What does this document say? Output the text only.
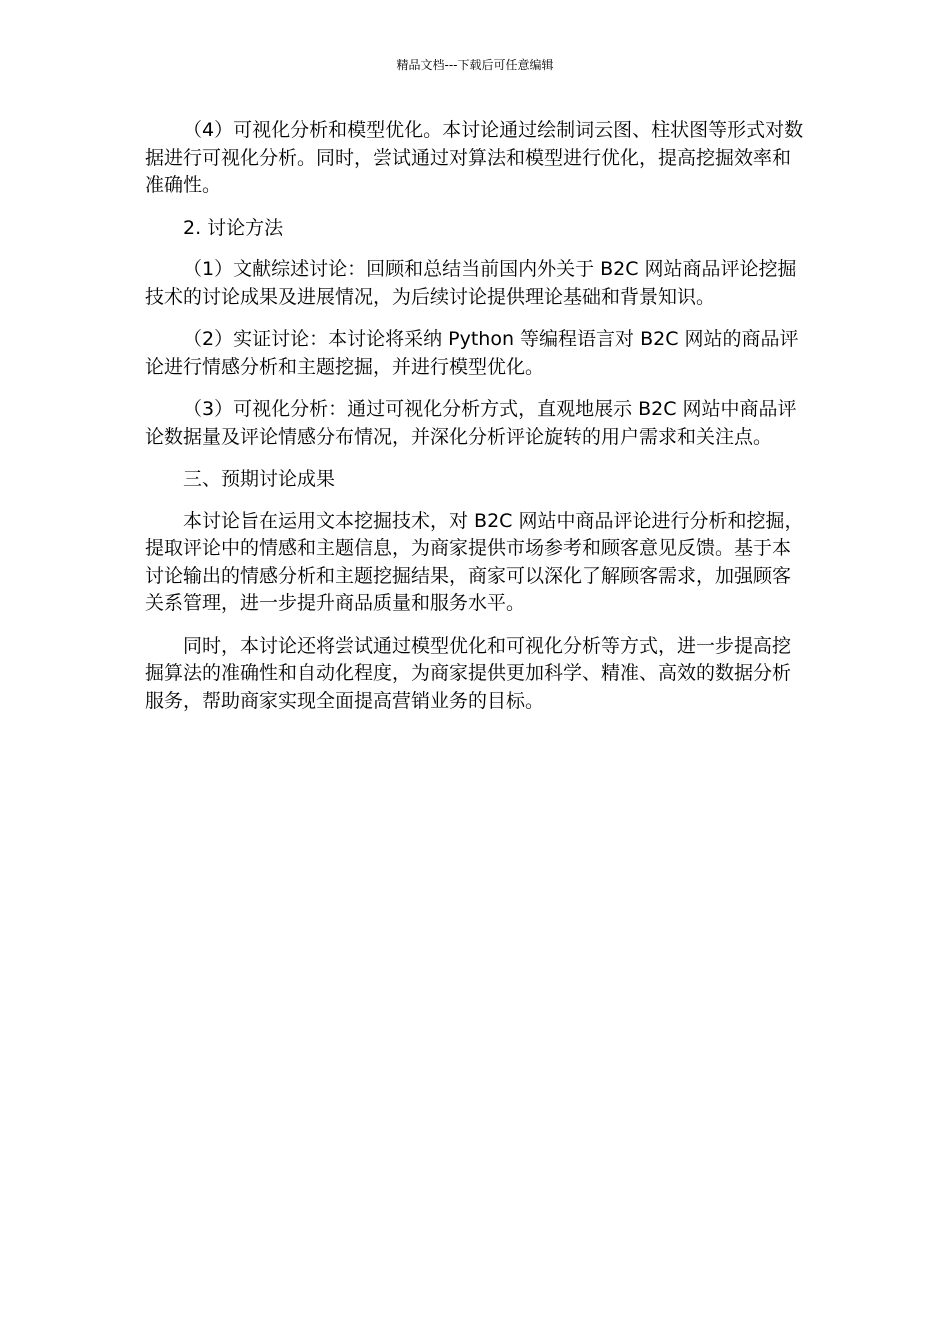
精品文档---下载后可任意编辑

（4）可视化分析和模型优化。本讨论通过绘制词云图、柱状图等形式对数据进行可视化分析。同时，尝试通过对算法和模型进行优化，提高挖掘效率和准确性。

2. 讨论方法

（1）文献综述讨论：回顾和总结当前国内外关于 B2C 网站商品评论挖掘技术的讨论成果及进展情况，为后续讨论提供理论基础和背景知识。

（2）实证讨论：本讨论将采纳 Python 等编程语言对 B2C 网站的商品评论进行情感分析和主题挖掘，并进行模型优化。

（3）可视化分析：通过可视化分析方式，直观地展示 B2C 网站中商品评论数据量及评论情感分布情况，并深化分析评论旋转的用户需求和关注点。

三、预期讨论成果

本讨论旨在运用文本挖掘技术，对 B2C 网站中商品评论进行分析和挖掘，提取评论中的情感和主题信息，为商家提供市场参考和顾客意见反馈。基于本讨论输出的情感分析和主题挖掘结果，商家可以深化了解顾客需求，加强顾客关系管理，进一步提升商品质量和服务水平。

同时，本讨论还将尝试通过模型优化和可视化分析等方式，进一步提高挖掘算法的准确性和自动化程度，为商家提供更加科学、精准、高效的数据分析服务，帮助商家实现全面提高营销业务的目标。
